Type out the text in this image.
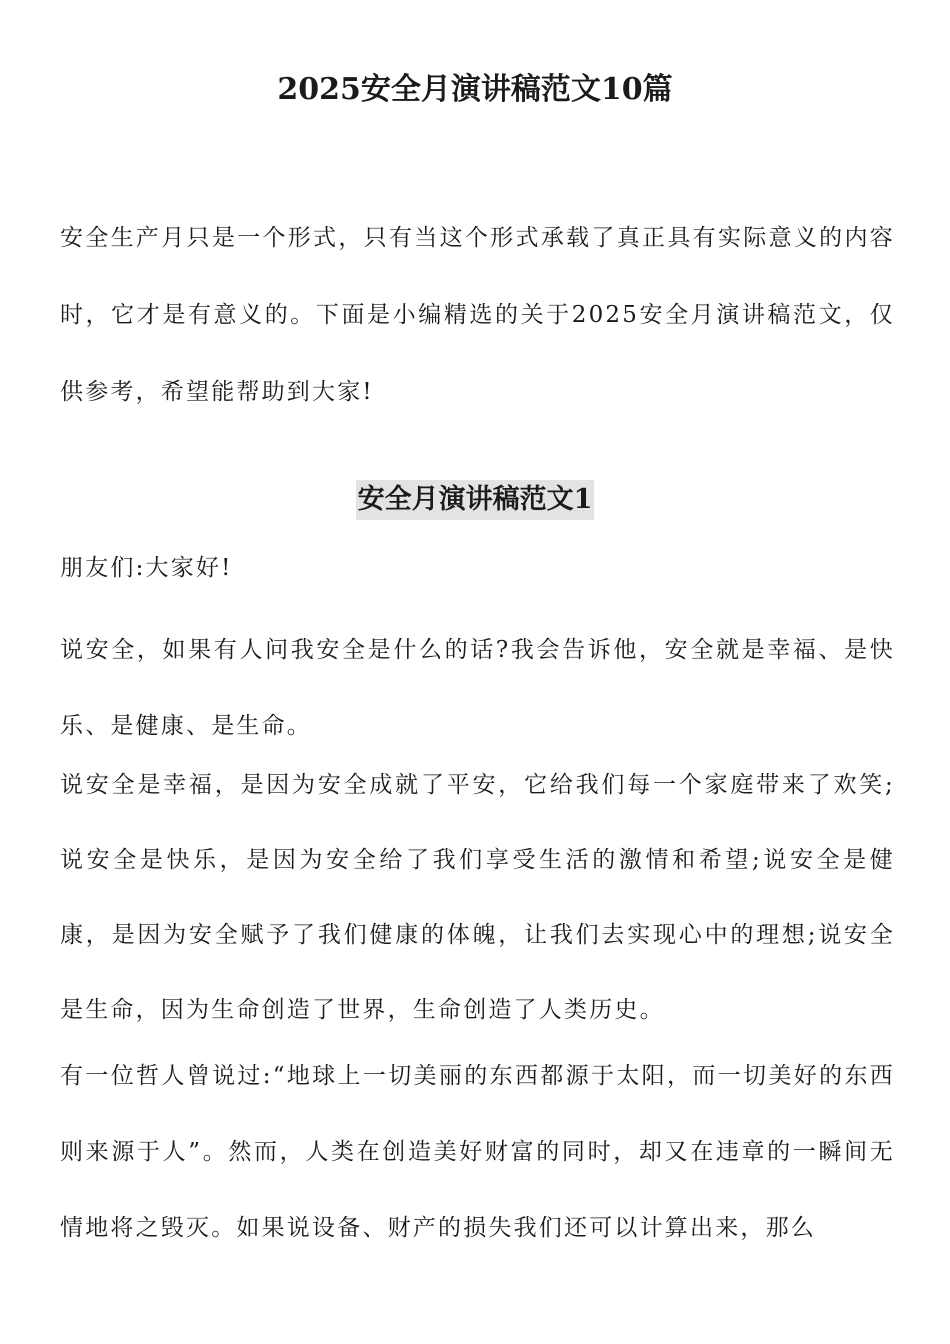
2025安全月演讲稿范文10篇

安全生产月只是一个形式，只有当这个形式承载了真正具有实际意义的内容时，它才是有意义的。下面是小编精选的关于2025安全月演讲稿范文，仅供参考，希望能帮助到大家!

安全月演讲稿范文1

朋友们:大家好!

说安全，如果有人问我安全是什么的话?我会告诉他，安全就是幸福、是快乐、是健康、是生命。

说安全是幸福，是因为安全成就了平安，它给我们每一个家庭带来了欢笑;说安全是快乐，是因为安全给了我们享受生活的激情和希望;说安全是健康，是因为安全赋予了我们健康的体魄，让我们去实现心中的理想;说安全是生命，因为生命创造了世界，生命创造了人类历史。

有一位哲人曾说过:“地球上一切美丽的东西都源于太阳，而一切美好的东西则来源于人”。然而，人类在创造美好财富的同时，却又在违章的一瞬间无情地将之毁灭。如果说设备、财产的损失我们还可以计算出来，那么
